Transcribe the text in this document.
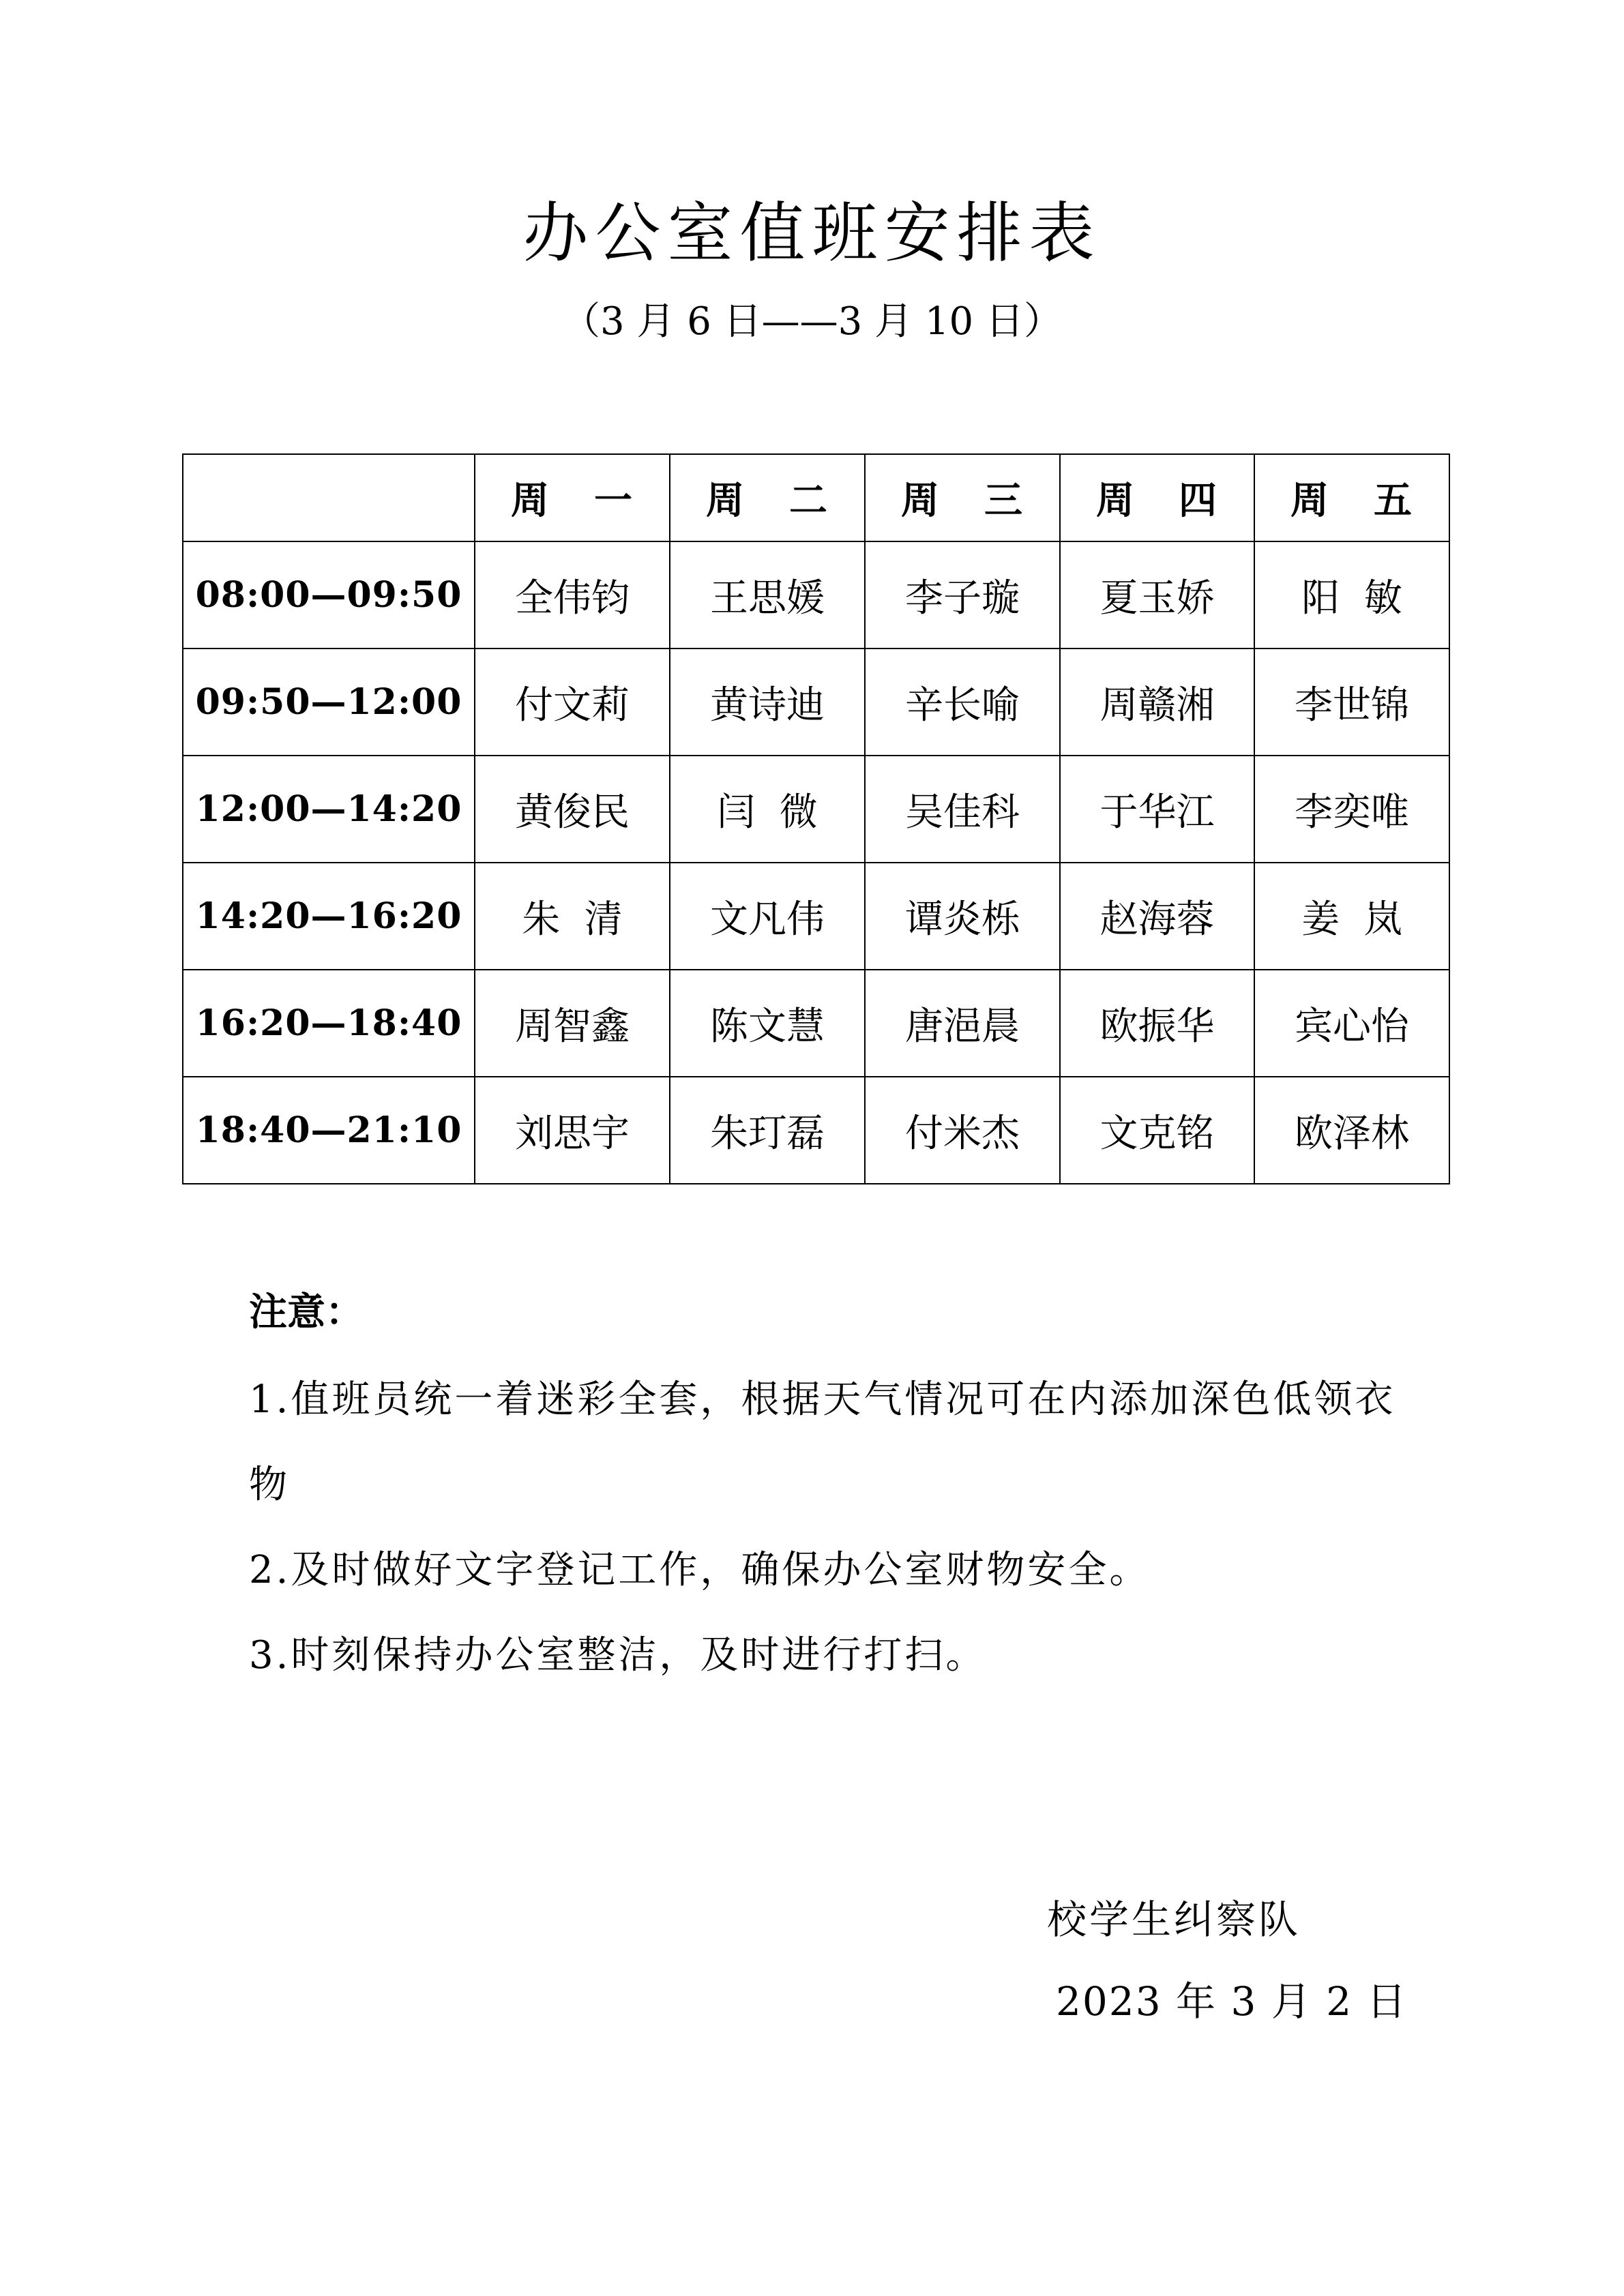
办公室值班安排表
（3 月 6 日——3 月 10 日）

	周 一	周 二	周 三	周 四	周 五

08:00—09:50	全伟钧	王思媛	李子璇	夏玉娇	阳  敏
09:50—12:00	付文莉	黄诗迪	辛长喻	周赣湘	李世锦
12:00—14:20	黄俊民	闫  微	吴佳科	于华江	李奕唯
14:20—16:20	朱  清	文凡伟	谭炎栎	赵海蓉	姜  岚
16:20—18:40	周智鑫	陈文慧	唐浥晨	欧振华	宾心怡
18:40—21:10	刘思宇	朱玎磊	付米杰	文克铭	欧泽林
注意：
1.值班员统一着迷彩全套，根据天气情况可在内添加深色低领衣物
2.及时做好文字登记工作，确保办公室财物安全。
3.时刻保持办公室整洁，及时进行打扫。
校学生纠察队
2023 年 3 月 2 日
